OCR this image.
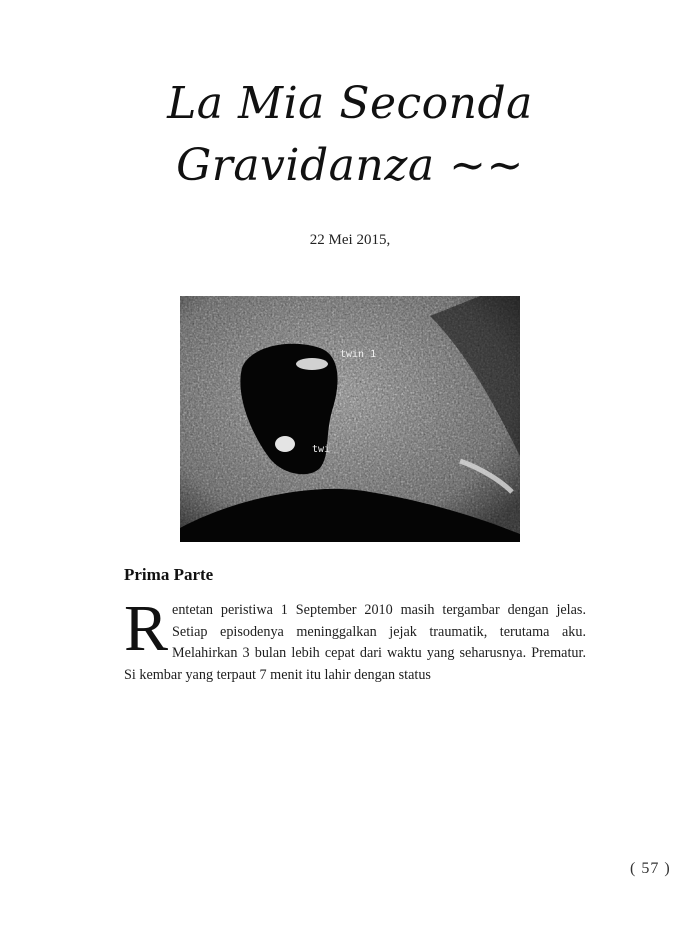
La Mia Seconda
Gravidanza ~~
22 Mei 2015,
twin 1
twi
Prima Parte
Rentetan peristiwa 1 September 2010 masih tergambar dengan jelas. Setiap episodenya meninggalkan jejak traumatik, terutama aku. Melahirkan 3 bulan lebih cepat dari waktu yang seharusnya. Prematur. Si kembar yang terpaut 7 menit itu lahir dengan status
( 57 )
